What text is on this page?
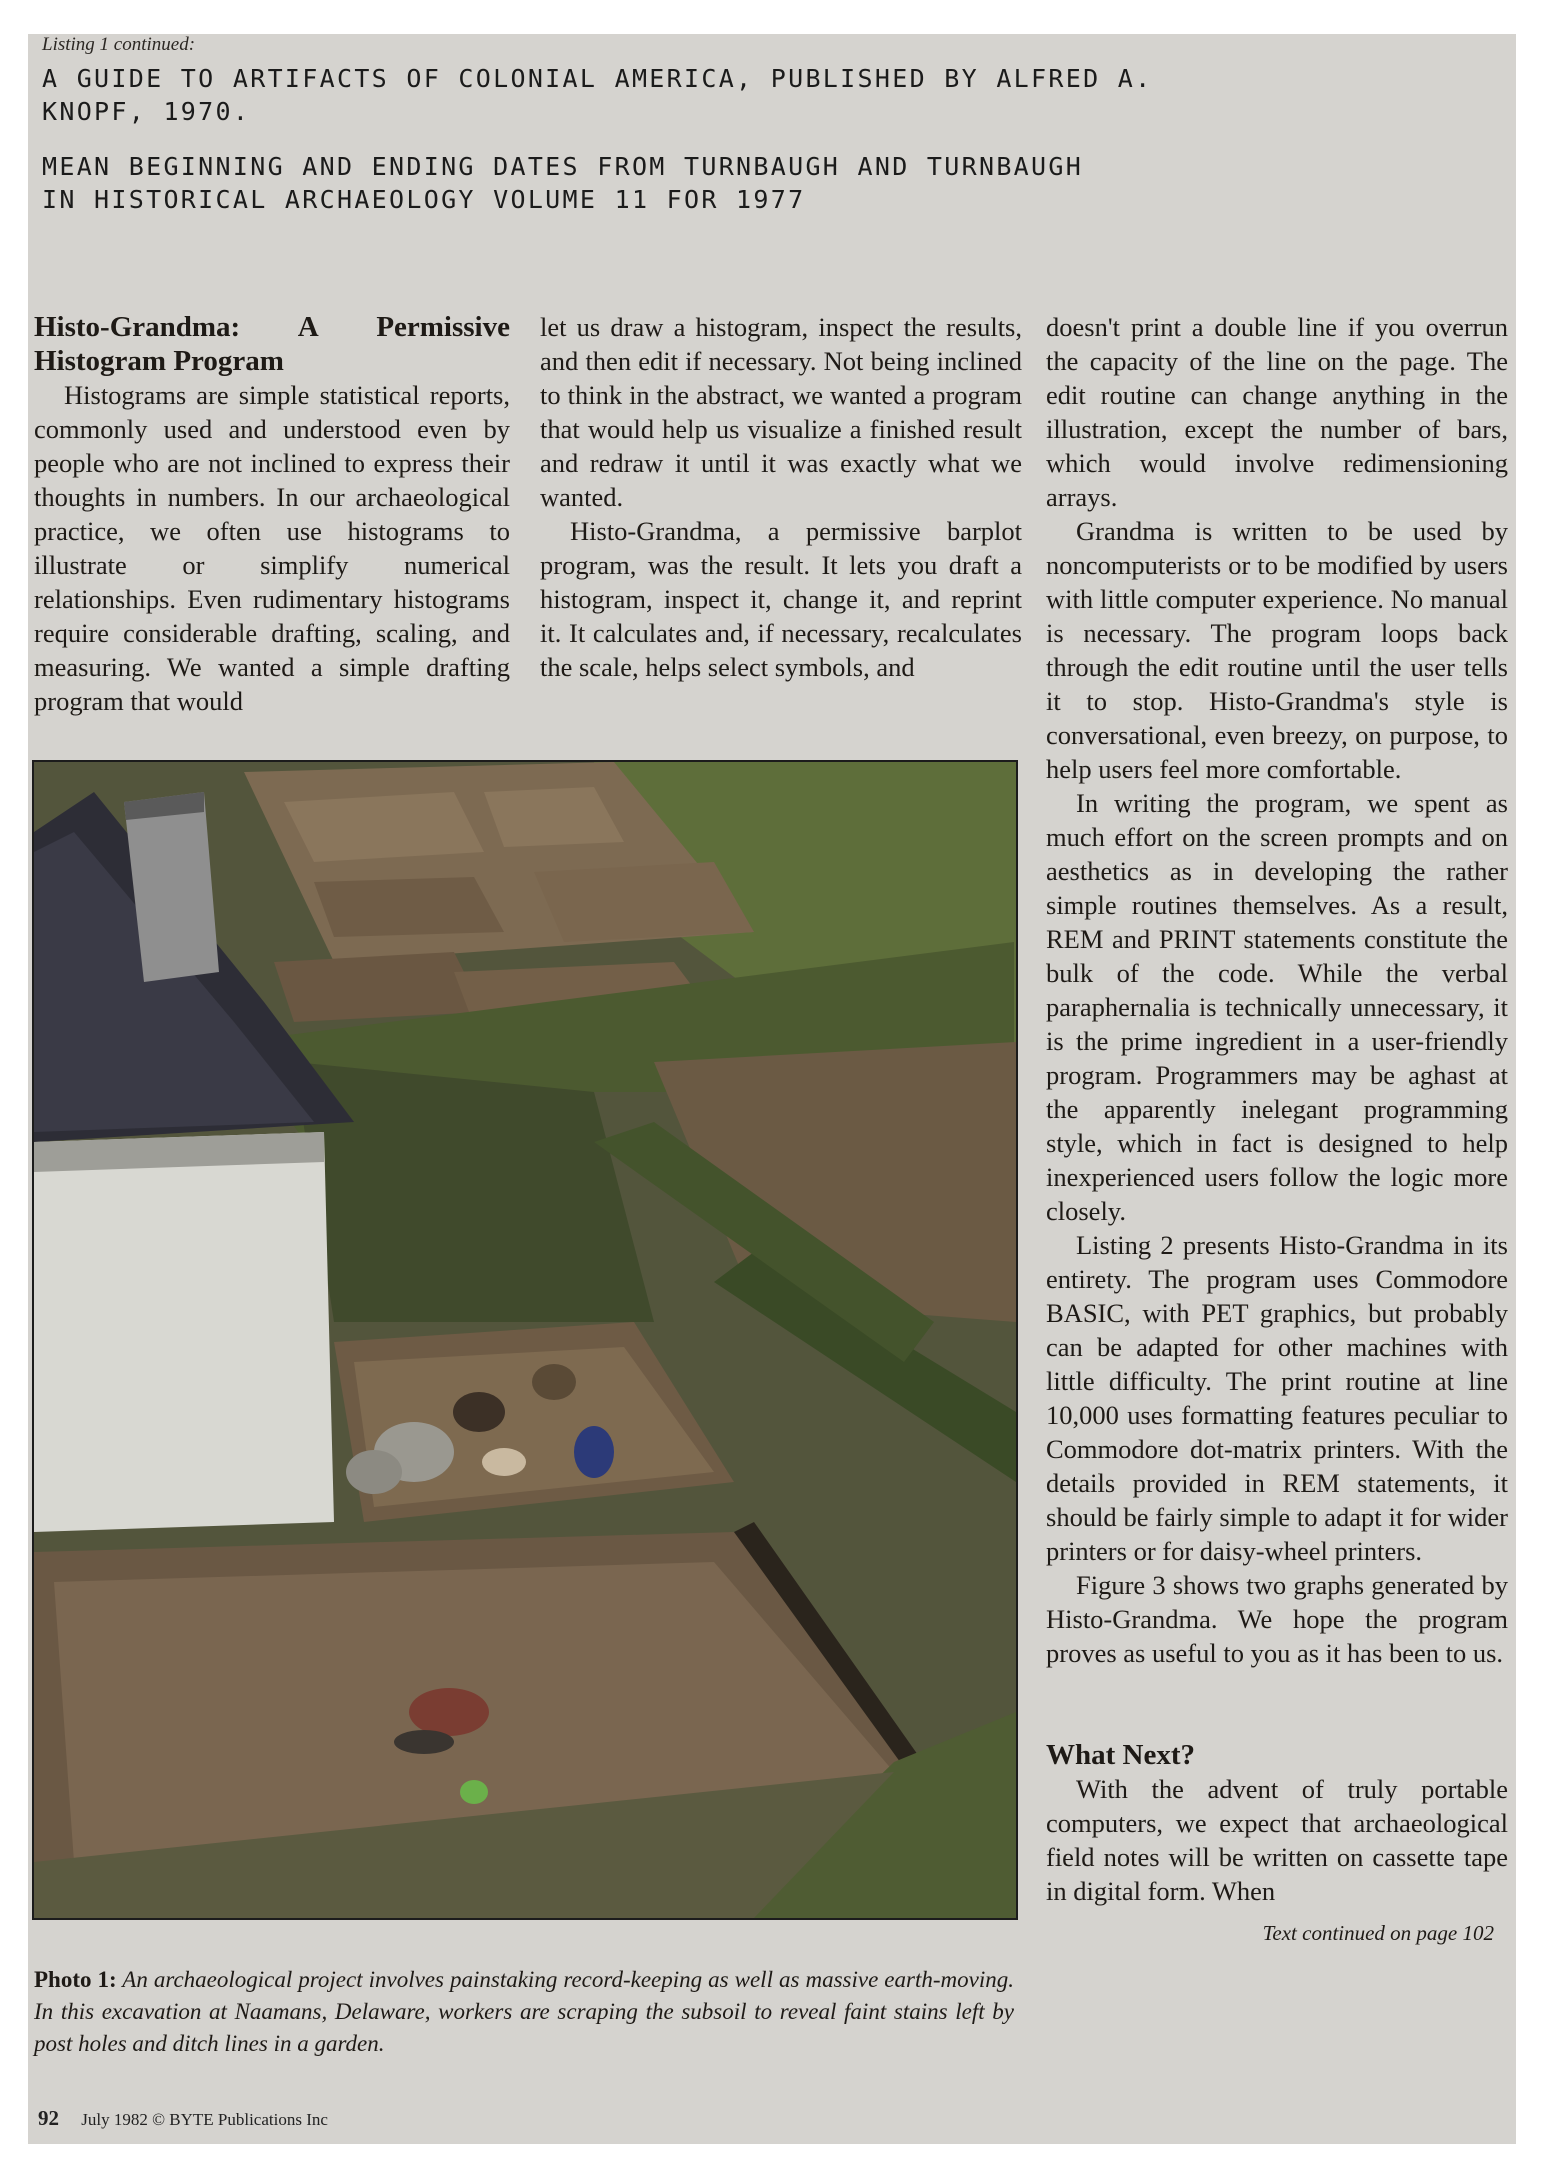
Listing 1 continued:
A GUIDE TO ARTIFACTS OF COLONIAL AMERICA, PUBLISHED BY ALFRED A.
KNOPF, 1970.
MEAN BEGINNING AND ENDING DATES FROM TURNBAUGH AND TURNBAUGH
IN HISTORICAL ARCHAEOLOGY VOLUME 11 FOR 1977
Histo-Grandma: A Permissive Histogram Program

Histograms are simple statistical reports, commonly used and understood even by people who are not inclined to express their thoughts in numbers. In our archaeological practice, we often use histograms to illustrate or simplify numerical relationships. Even rudimentary histograms require considerable drafting, scaling, and measuring. We wanted a simple drafting program that would

let us draw a histogram, inspect the results, and then edit if necessary. Not being inclined to think in the abstract, we wanted a program that would help us visualize a finished result and redraw it until it was exactly what we wanted.

Histo-Grandma, a permissive barplot program, was the result. It lets you draft a histogram, inspect it, change it, and reprint it. It calculates and, if necessary, recalculates the scale, helps select symbols, and

doesn't print a double line if you overrun the capacity of the line on the page. The edit routine can change anything in the illustration, except the number of bars, which would involve redimensioning arrays.

Grandma is written to be used by noncomputerists or to be modified by users with little computer experience. No manual is necessary. The program loops back through the edit routine until the user tells it to stop. Histo-Grandma's style is conversational, even breezy, on purpose, to help users feel more comfortable.

In writing the program, we spent as much effort on the screen prompts and on aesthetics as in developing the rather simple routines themselves. As a result, REM and PRINT statements constitute the bulk of the code. While the verbal paraphernalia is technically unnecessary, it is the prime ingredient in a user-friendly program. Programmers may be aghast at the apparently inelegant programming style, which in fact is designed to help inexperienced users follow the logic more closely.

Listing 2 presents Histo-Grandma in its entirety. The program uses Commodore BASIC, with PET graphics, but probably can be adapted for other machines with little difficulty. The print routine at line 10,000 uses formatting features peculiar to Commodore dot-matrix printers. With the details provided in REM statements, it should be fairly simple to adapt it for wider printers or for daisy-wheel printers.

Figure 3 shows two graphs generated by Histo-Grandma. We hope the program proves as useful to you as it has been to us.

What Next?

With the advent of truly portable computers, we expect that archaeological field notes will be written on cassette tape in digital form. When

Text continued on page 102
Photo 1: An archaeological project involves painstaking record-keeping as well as massive earth-moving. In this excavation at Naamans, Delaware, workers are scraping the subsoil to reveal faint stains left by post holes and ditch lines in a garden.
92 July 1982 © BYTE Publications Inc
